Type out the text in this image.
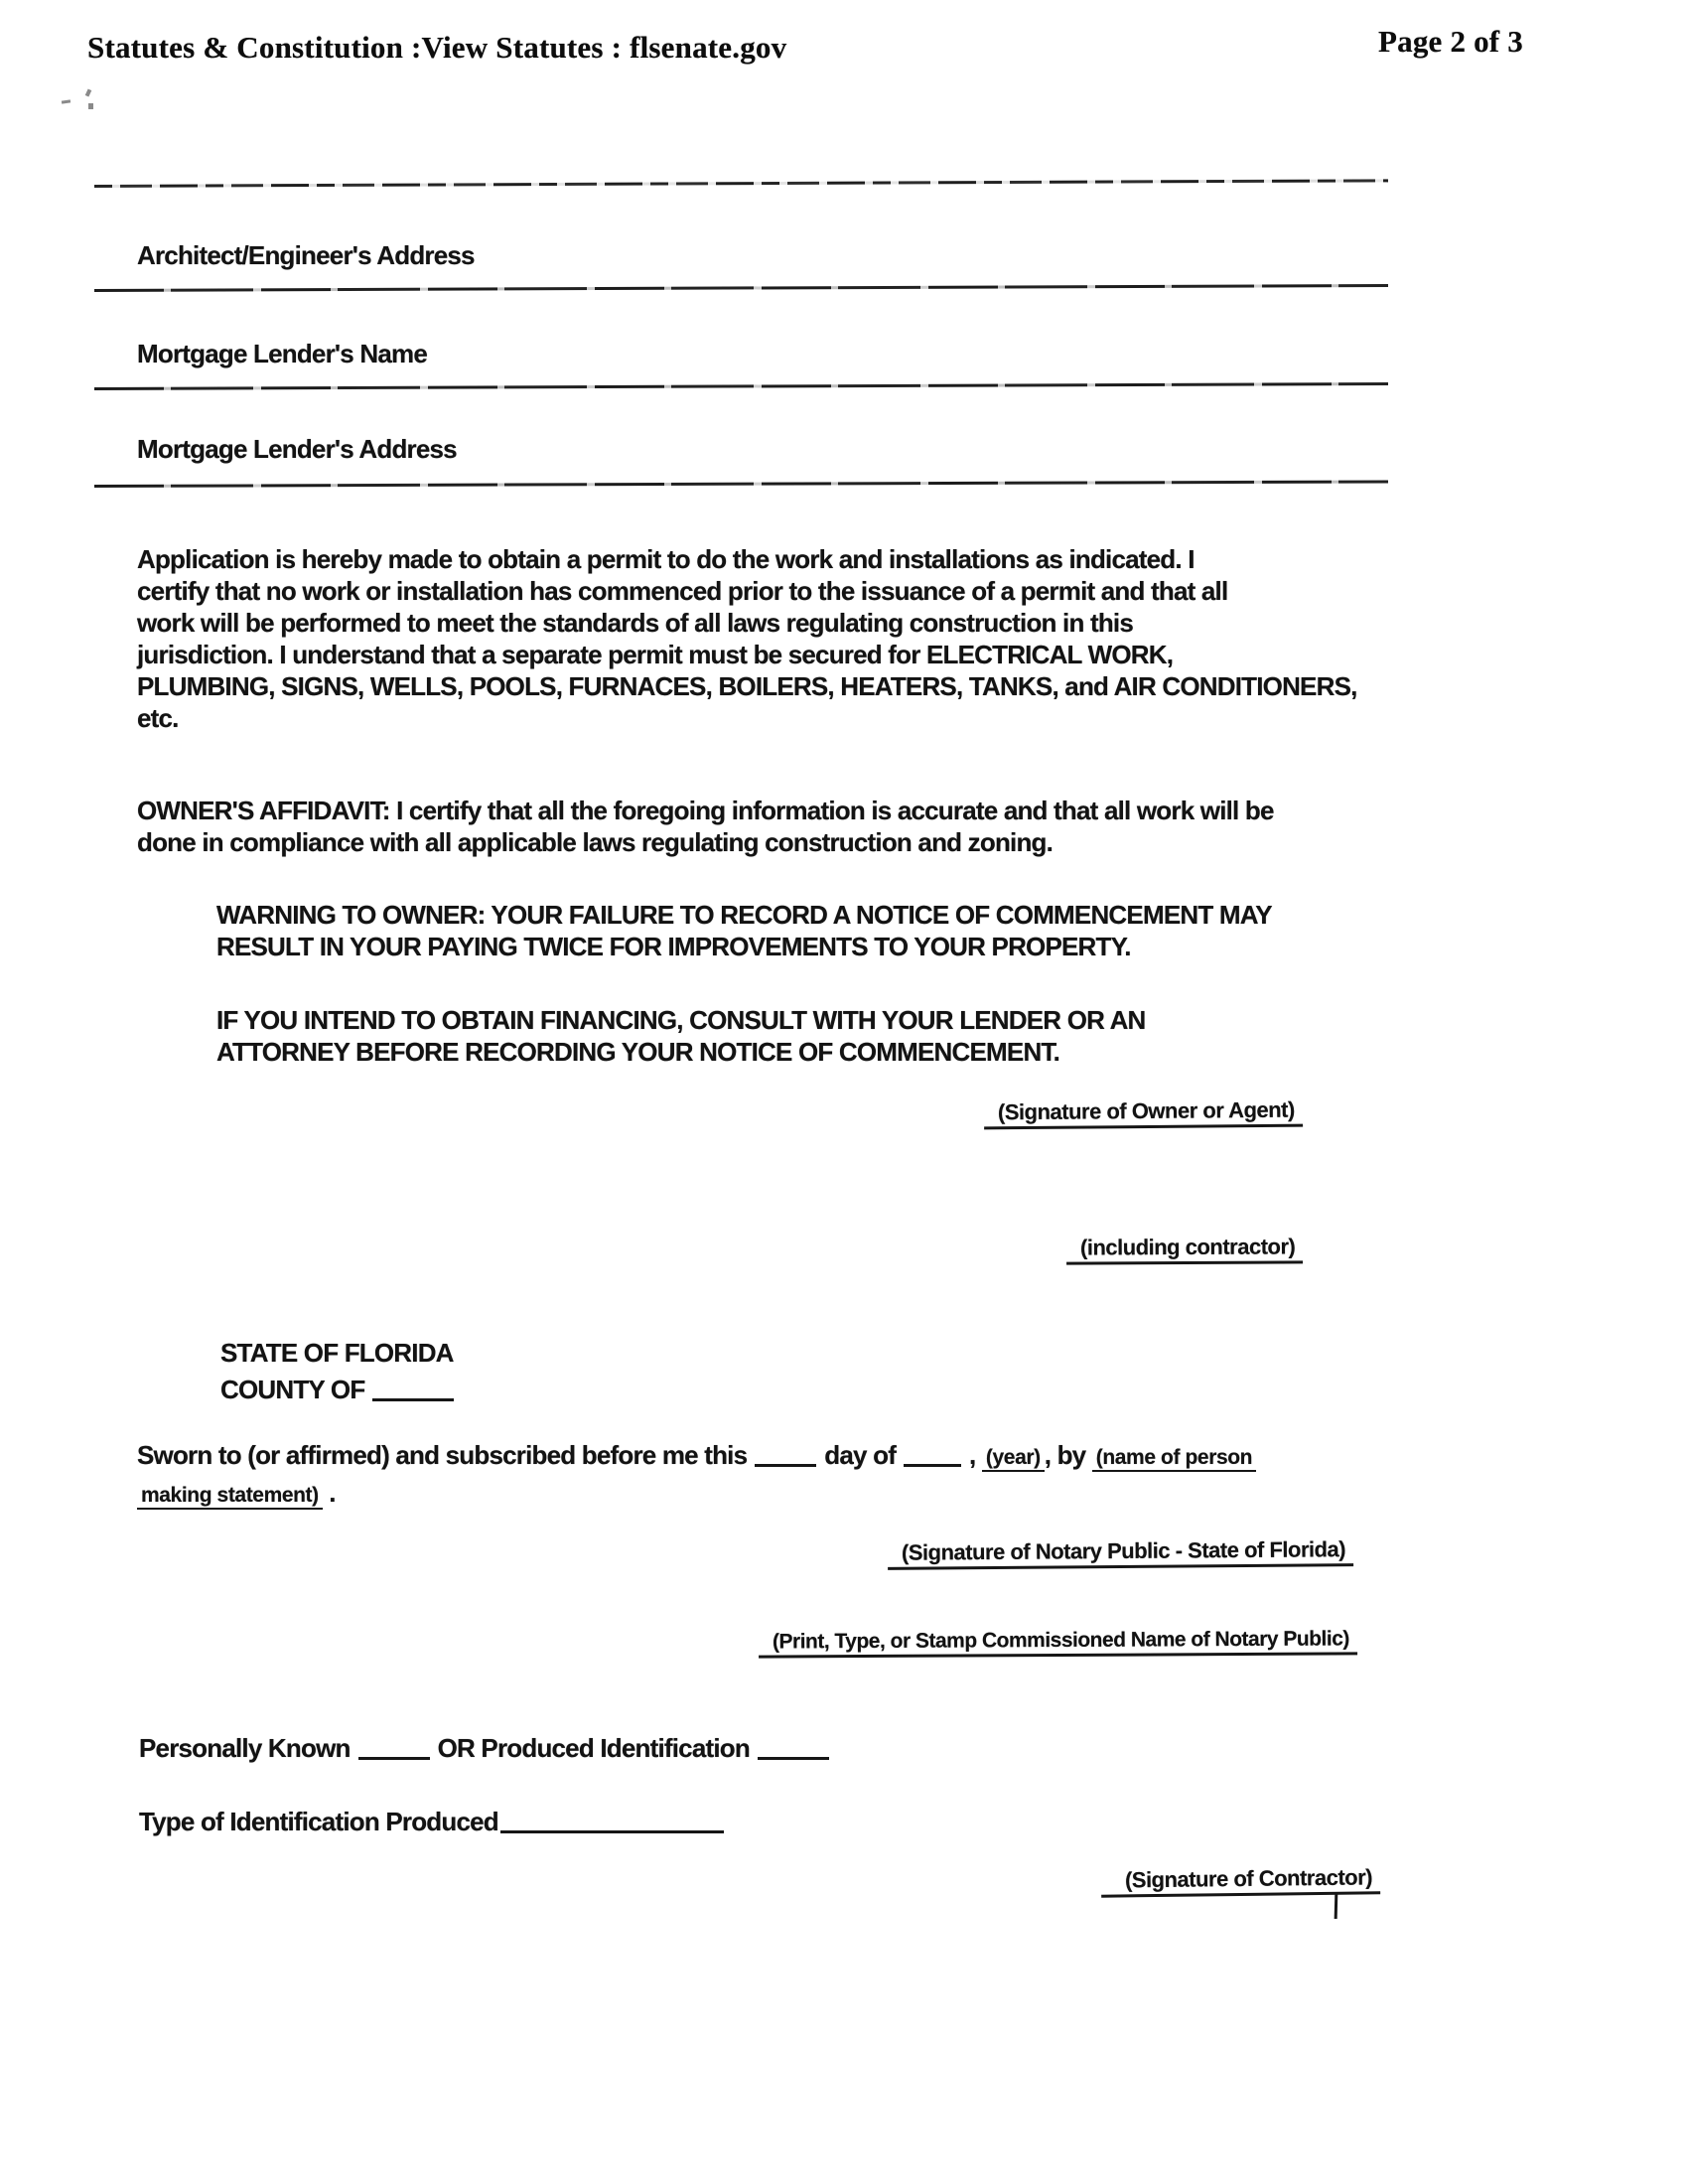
Statutes & Constitution :View Statutes : flsenate.gov	Page 2 of 3
Architect/Engineer's Address
Mortgage Lender's Name
Mortgage Lender's Address
Application is hereby made to obtain a permit to do the work and installations as indicated. I
certify that no work or installation has commenced prior to the issuance of a permit and that all
work will be performed to meet the standards of all laws regulating construction in this
jurisdiction. I understand that a separate permit must be secured for ELECTRICAL WORK,
PLUMBING, SIGNS, WELLS, POOLS, FURNACES, BOILERS, HEATERS, TANKS, and AIR CONDITIONERS,
etc.
OWNER'S AFFIDAVIT: I certify that all the foregoing information is accurate and that all work will be
done in compliance with all applicable laws regulating construction and zoning.
WARNING TO OWNER: YOUR FAILURE TO RECORD A NOTICE OF COMMENCEMENT MAY
RESULT IN YOUR PAYING TWICE FOR IMPROVEMENTS TO YOUR PROPERTY.
IF YOU INTEND TO OBTAIN FINANCING, CONSULT WITH YOUR LENDER OR AN
ATTORNEY BEFORE RECORDING YOUR NOTICE OF COMMENCEMENT.
(Signature of Owner or Agent)
(including contractor)
STATE OF FLORIDA
COUNTY OF
Sworn to (or affirmed) and subscribed before me this	day of	, (year) , by (name of person
making statement) .
(Signature of Notary Public - State of Florida)
(Print, Type, or Stamp Commissioned Name of Notary Public)
Personally Known	OR Produced Identification
Type of Identification Produced
(Signature of Contractor)
